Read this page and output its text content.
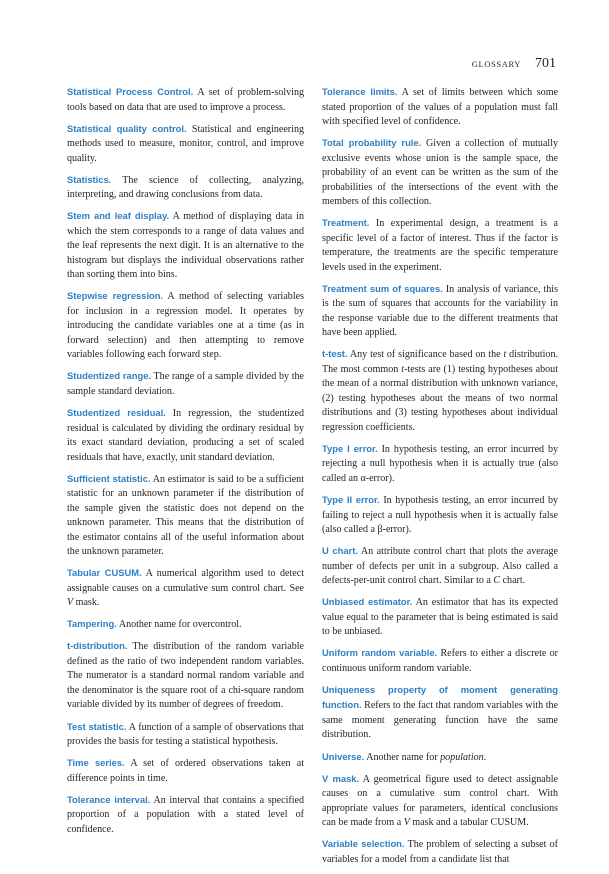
GLOSSARY 701

Statistical Process Control. A set of problem-solving tools based on data that are used to improve a process.

Statistical quality control. Statistical and engineering methods used to measure, monitor, control, and improve quality.

Statistics. The science of collecting, analyzing, interpreting, and drawing conclusions from data.

Stem and leaf display. A method of displaying data in which the stem corresponds to a range of data values and the leaf represents the next digit. It is an alternative to the histogram but displays the individual observations rather than sorting them into bins.

Stepwise regression. A method of selecting variables for inclusion in a regression model. It operates by introducing the candidate variables one at a time (as in forward selection) and then attempting to remove variables following each forward step.

Studentized range. The range of a sample divided by the sample standard deviation.

Studentized residual. In regression, the studentized residual is calculated by dividing the ordinary residual by its exact standard deviation, producing a set of scaled residuals that have, exactly, unit standard deviation.

Sufficient statistic. An estimator is said to be a sufficient statistic for an unknown parameter if the distribution of the sample given the statistic does not depend on the unknown parameter. This means that the distribution of the estimator contains all of the useful information about the unknown parameter.

Tabular CUSUM. A numerical algorithm used to detect assignable causes on a cumulative sum control chart. See V mask.

Tampering. Another name for overcontrol.

t-distribution. The distribution of the random variable defined as the ratio of two independent random variables. The numerator is a standard normal random variable and the denominator is the square root of a chi-square random variable divided by its number of degrees of freedom.

Test statistic. A function of a sample of observations that provides the basis for testing a statistical hypothesis.

Time series. A set of ordered observations taken at difference points in time.

Tolerance interval. An interval that contains a specified proportion of a population with a stated level of confidence.

Tolerance limits. A set of limits between which some stated proportion of the values of a population must fall with specified level of confidence.

Total probability rule. Given a collection of mutually exclusive events whose union is the sample space, the probability of an event can be written as the sum of the probabilities of the intersections of the event with the members of this collection.

Treatment. In experimental design, a treatment is a specific level of a factor of interest. Thus if the factor is temperature, the treatments are the specific temperature levels used in the experiment.

Treatment sum of squares. In analysis of variance, this is the sum of squares that accounts for the variability in the response variable due to the different treatments that have been applied.

t-test. Any test of significance based on the t distribution. The most common t-tests are (1) testing hypotheses about the mean of a normal distribution with unknown variance, (2) testing hypotheses about the means of two normal distributions and (3) testing hypotheses about individual regression coefficients.

Type I error. In hypothesis testing, an error incurred by rejecting a null hypothesis when it is actually true (also called an α-error).

Type II error. In hypothesis testing, an error incurred by failing to reject a null hypothesis when it is actually false (also called a β-error).

U chart. An attribute control chart that plots the average number of defects per unit in a subgroup. Also called a defects-per-unit control chart. Similar to a C chart.

Unbiased estimator. An estimator that has its expected value equal to the parameter that is being estimated is said to be unbiased.

Uniform random variable. Refers to either a discrete or continuous uniform random variable.

Uniqueness property of moment generating function. Refers to the fact that random variables with the same moment generating function have the same distribution.

Universe. Another name for population.

V mask. A geometrical figure used to detect assignable causes on a cumulative sum control chart. With appropriate values for parameters, identical conclusions can be made from a V mask and a tabular CUSUM.

Variable selection. The problem of selecting a subset of variables for a model from a candidate list that
